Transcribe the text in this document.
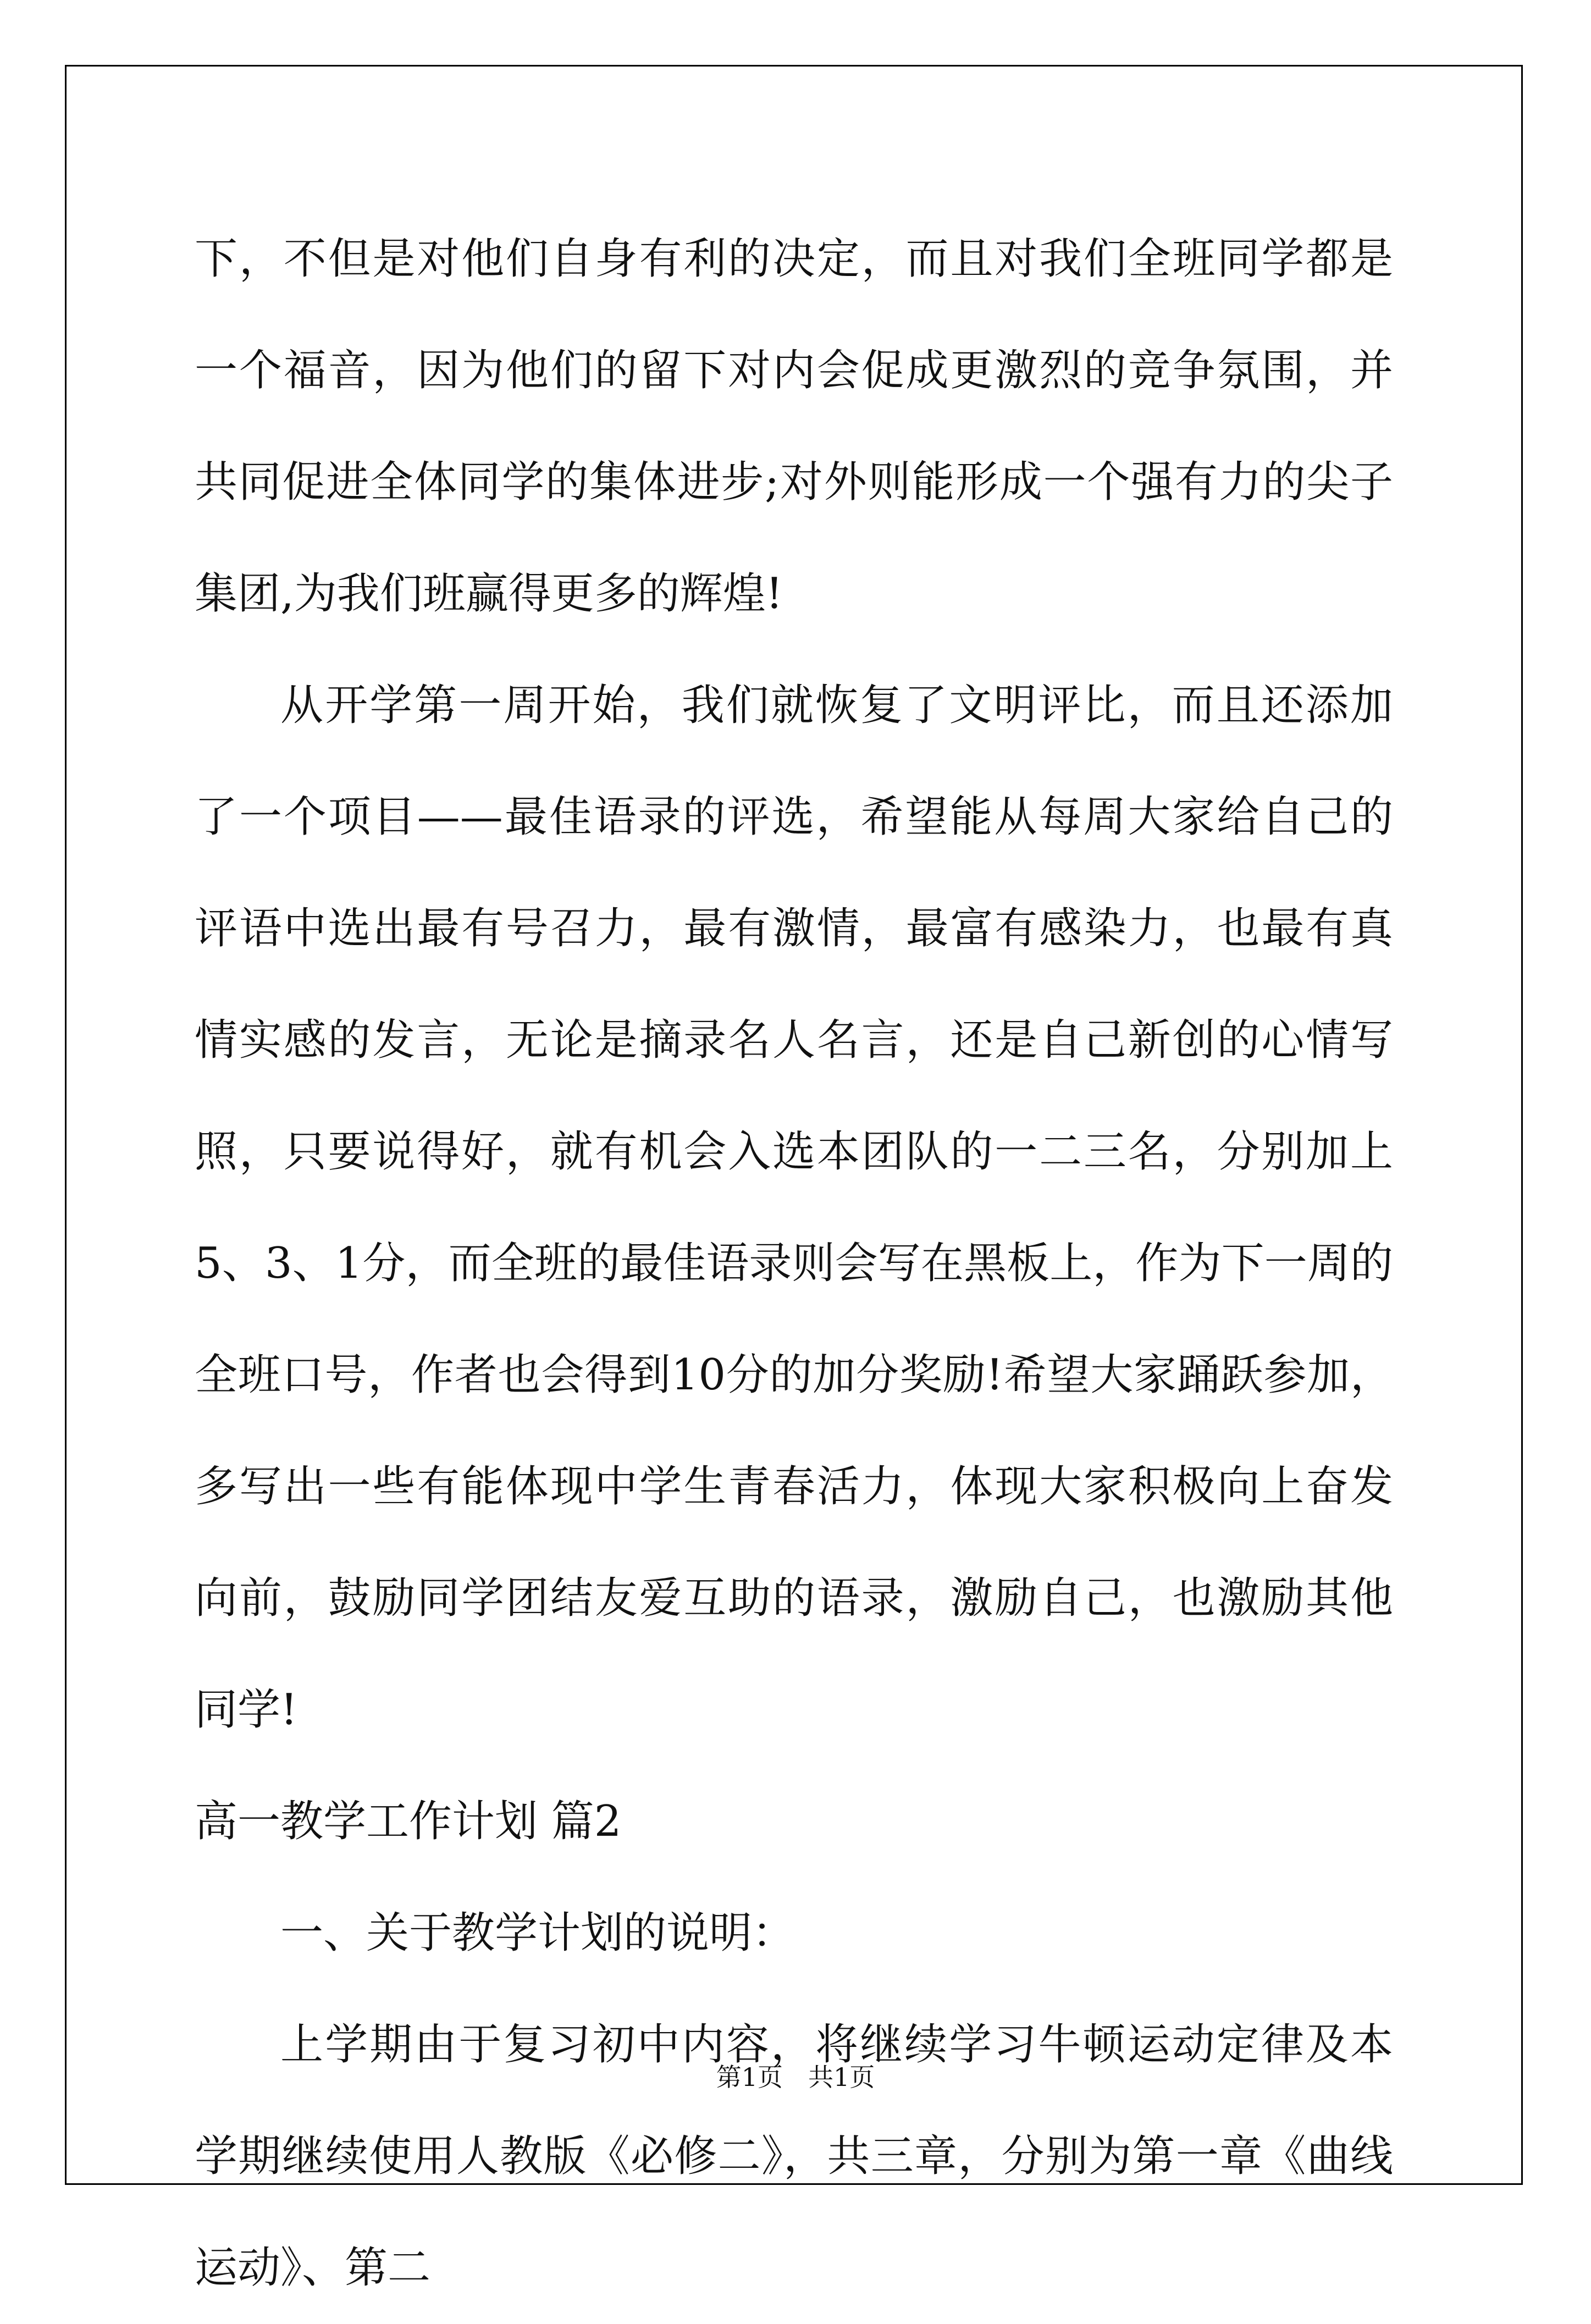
下，不但是对他们自身有利的决定，而且对我们全班同学都是一个福音，因为他们的留下对内会促成更激烈的竞争氛围，并共同促进全体同学的集体进步;对外则能形成一个强有力的尖子集团,为我们班赢得更多的辉煌!

从开学第一周开始，我们就恢复了文明评比，而且还添加了一个项目——最佳语录的评选，希望能从每周大家给自己的评语中选出最有号召力，最有激情，最富有感染力，也最有真情实感的发言，无论是摘录名人名言，还是自己新创的心情写照，只要说得好，就有机会入选本团队的一二三名，分别加上5、3、1分，而全班的最佳语录则会写在黑板上，作为下一周的全班口号，作者也会得到10分的加分奖励!希望大家踊跃参加，多写出一些有能体现中学生青春活力，体现大家积极向上奋发向前，鼓励同学团结友爱互助的语录，激励自己，也激励其他同学!

高一教学工作计划 篇2

一、关于教学计划的说明：

上学期由于复习初中内容，将继续学习牛顿运动定律及本学期继续使用人教版《必修二》，共三章，分别为第一章《曲线运动》、第二

第1页　共1页
